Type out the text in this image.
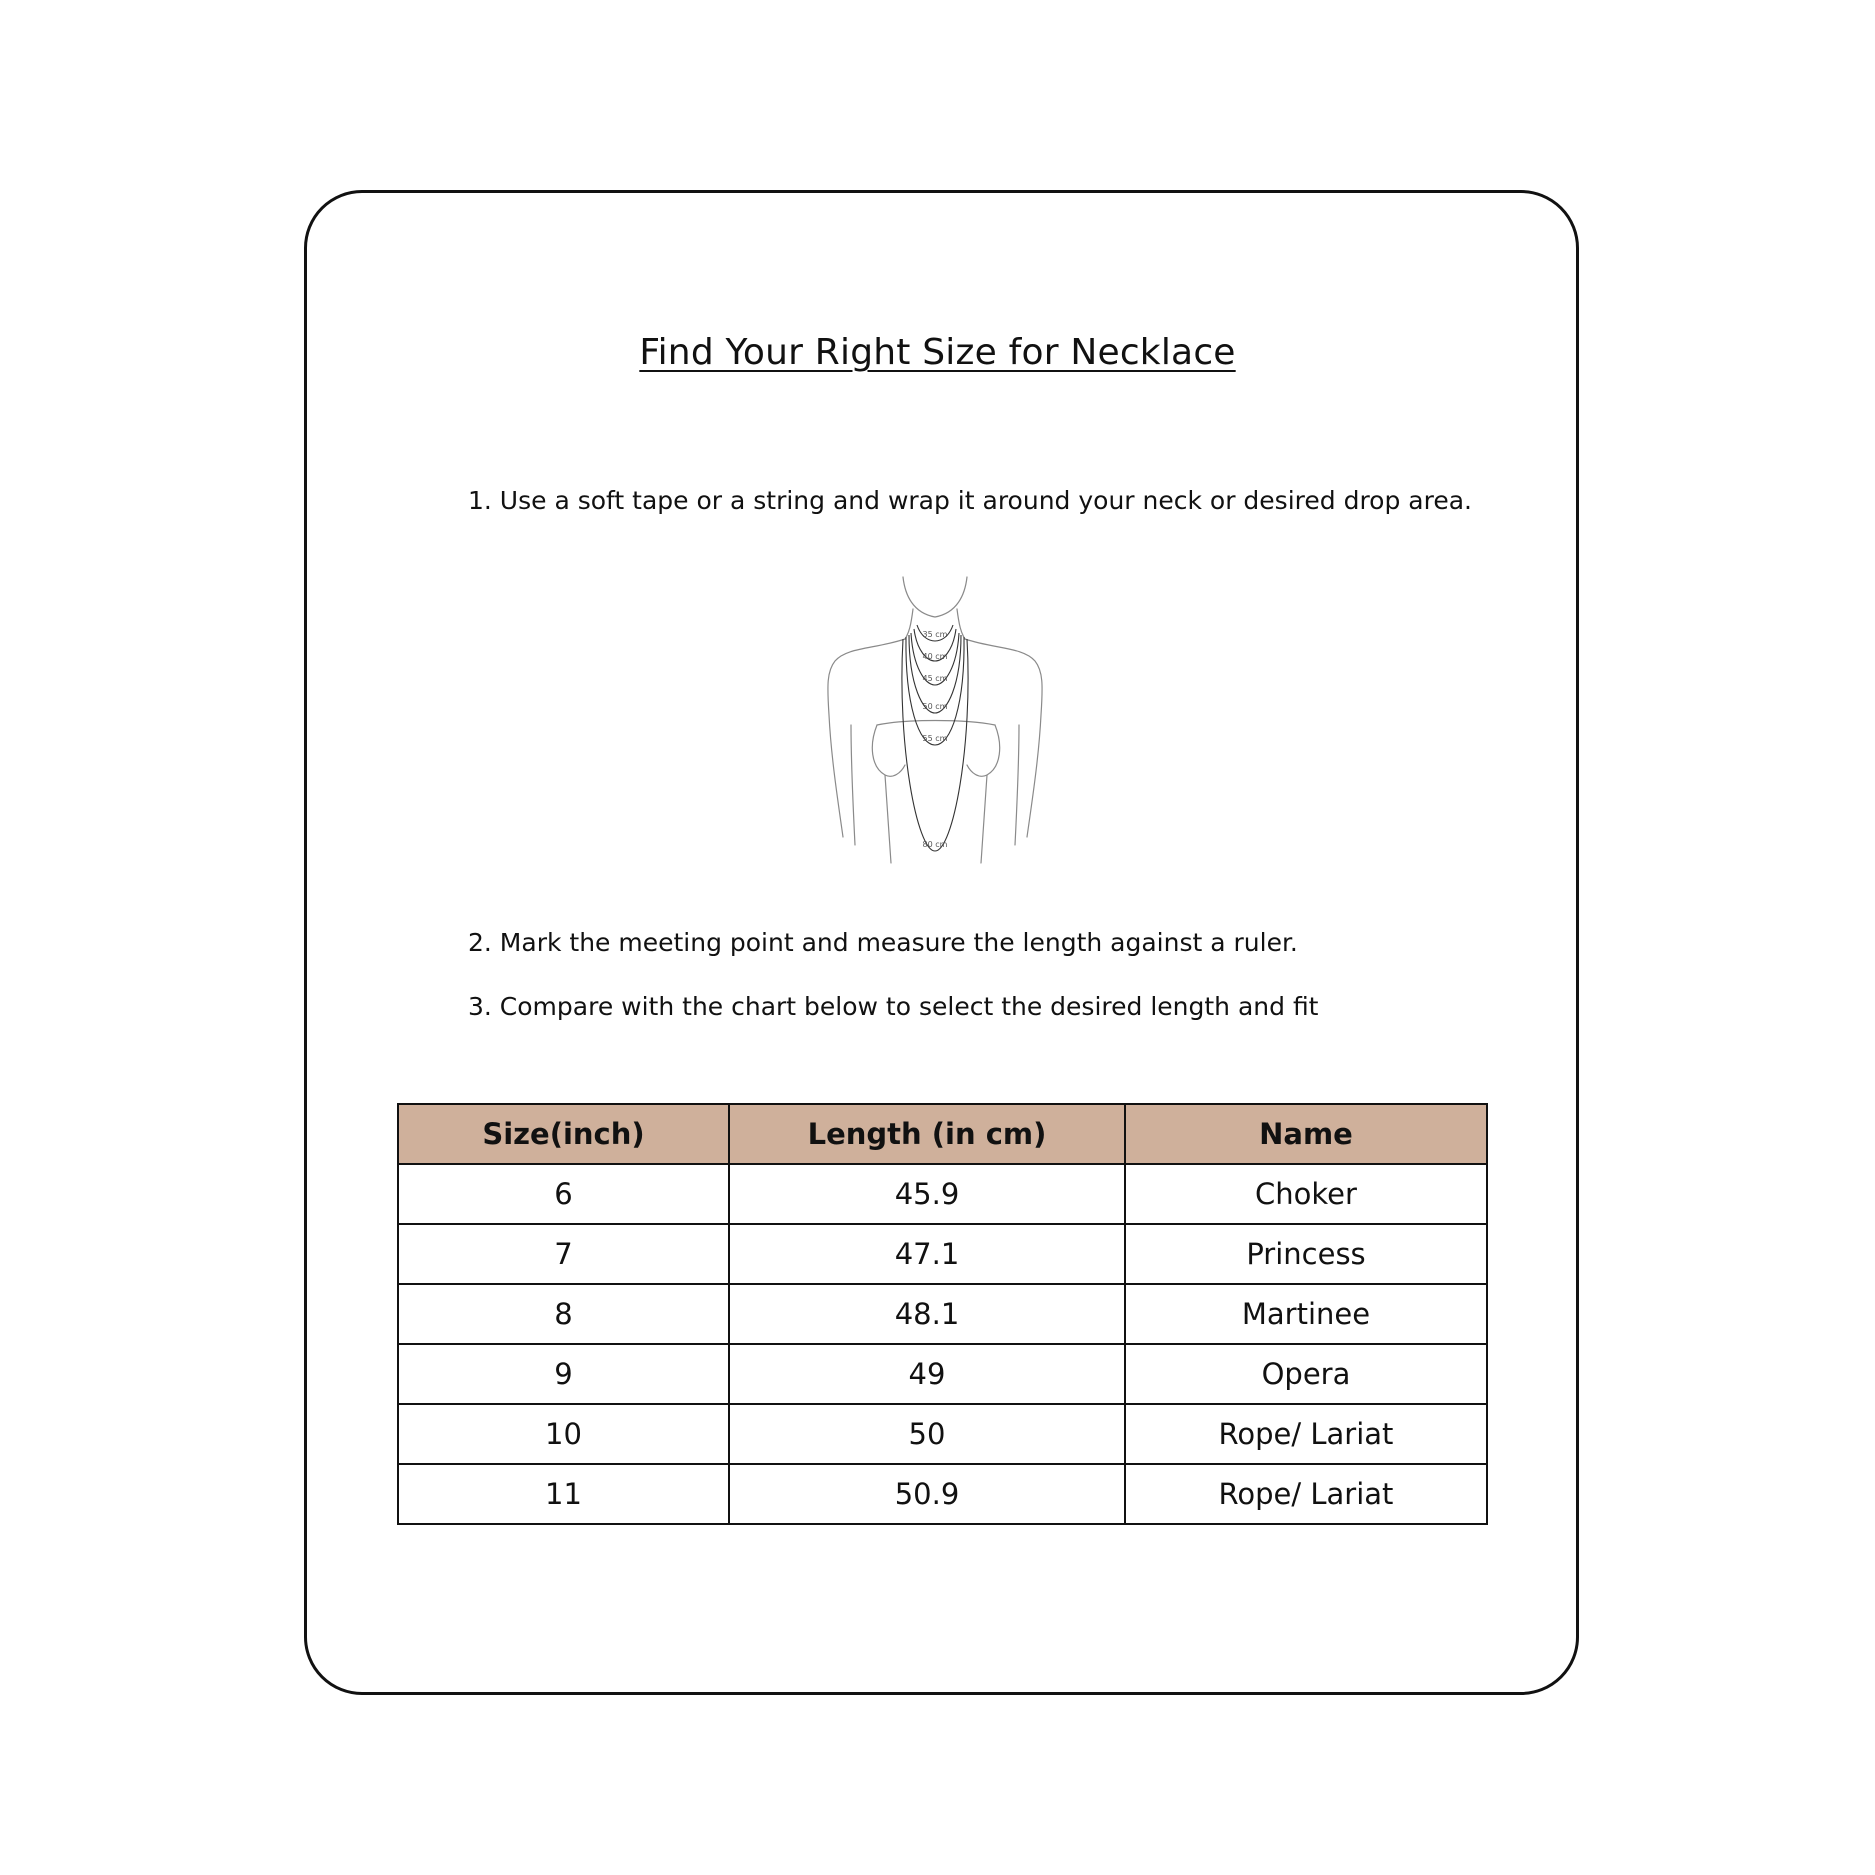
Find Your Right Size for Necklace
1. Use a soft tape or a string and wrap it around your neck or desired drop area.
35 cm
40 cm
45 cm
50 cm
55 cm
80 cm
2. Mark the meeting point and measure the length against a ruler.
3. Compare with the chart below to select the desired length and fit
Size(inch)	Length (in cm)	Name
6	45.9	Choker
7	47.1	Princess
8	48.1	Martinee
9	49	Opera
10	50	Rope/ Lariat
11	50.9	Rope/ Lariat
